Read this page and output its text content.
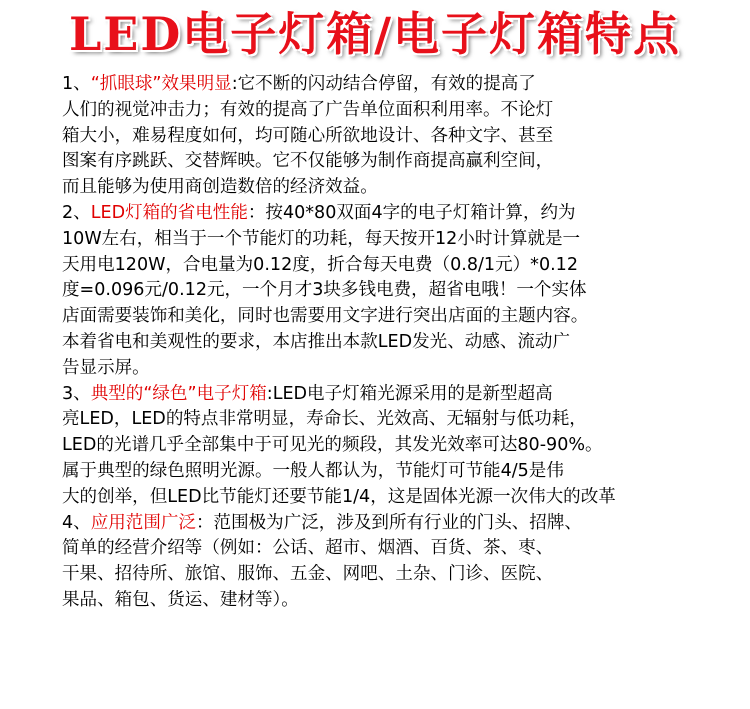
LED电子灯箱/电子灯箱特点
1、“抓眼球”效果明显:它不断的闪动结合停留，有效的提高了
人们的视觉冲击力；有效的提高了广告单位面积利用率。不论灯
箱大小，难易程度如何，均可随心所欲地设计、各种文字、甚至
图案有序跳跃、交替辉映。它不仅能够为制作商提高赢利空间，
而且能够为使用商创造数倍的经济效益。
2、LED灯箱的省电性能：按40*80双面4字的电子灯箱计算，约为
10W左右，相当于一个节能灯的功耗，每天按开12小时计算就是一
天用电120W，合电量为0.12度，折合每天电费（0.8/1元）*0.12
度=0.096元/0.12元，一个月才3块多钱电费，超省电哦！一个实体
店面需要装饰和美化，同时也需要用文字进行突出店面的主题内容。
本着省电和美观性的要求，本店推出本款LED发光、动感、流动广
告显示屏。
3、典型的“绿色”电子灯箱:LED电子灯箱光源采用的是新型超高
亮LED，LED的特点非常明显，寿命长、光效高、无辐射与低功耗，
LED的光谱几乎全部集中于可见光的频段，其发光效率可达80-90%。
属于典型的绿色照明光源。一般人都认为，节能灯可节能4/5是伟
大的创举，但LED比节能灯还要节能1/4，这是固体光源一次伟大的改革
4、应用范围广泛：范围极为广泛，涉及到所有行业的门头、招牌、
简单的经营介绍等（例如：公话、超市、烟酒、百货、茶、枣、
干果、招待所、旅馆、服饰、五金、网吧、土杂、门诊、医院、
果品、箱包、货运、建材等）。
